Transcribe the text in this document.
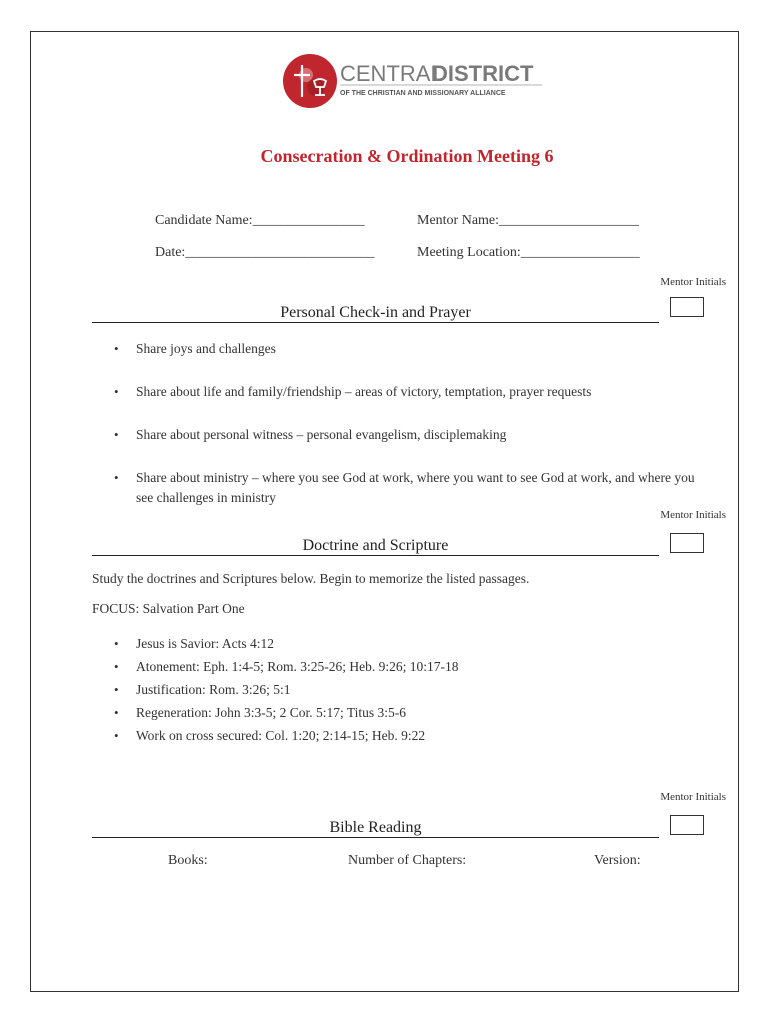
CENTRAL
DISTRICT
OF THE CHRISTIAN AND MISSIONARY ALLIANCE
Consecration & Ordination Meeting 6
Candidate Name:________________	Mentor Name:____________________
Date:___________________________	Meeting Location:_________________
Mentor Initials
Personal Check-in and Prayer
• Share joys and challenges
• Share about life and family/friendship – areas of victory, temptation, prayer requests
• Share about personal witness – personal evangelism, disciplemaking
• Share about ministry – where you see God at work, where you want to see God at work, and where you see challenges in ministry
Mentor Initials
Doctrine and Scripture
Study the doctrines and Scriptures below. Begin to memorize the listed passages.
FOCUS: Salvation Part One
• Jesus is Savior: Acts 4:12
• Atonement: Eph. 1:4-5; Rom. 3:25-26; Heb. 9:26; 10:17-18
• Justification: Rom. 3:26; 5:1
• Regeneration: John 3:3-5; 2 Cor. 5:17; Titus 3:5-6
• Work on cross secured: Col. 1:20; 2:14-15; Heb. 9:22
Mentor Initials
Bible Reading
Books:	Number of Chapters:	Version:
